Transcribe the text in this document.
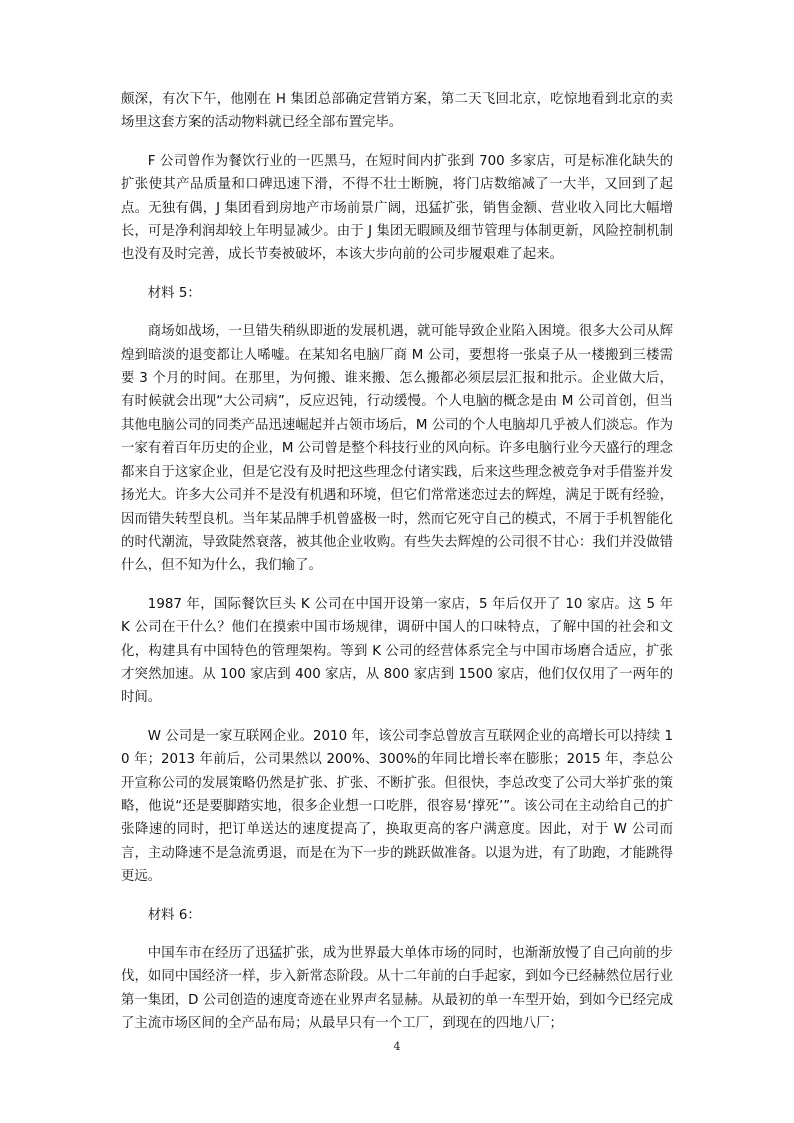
颇深，有次下午，他刚在 H 集团总部确定营销方案，第二天飞回北京，吃惊地看到北京的卖场里这套方案的活动物料就已经全部布置完毕。

F 公司曾作为餐饮行业的一匹黑马，在短时间内扩张到 700 多家店，可是标准化缺失的扩张使其产品质量和口碑迅速下滑，不得不壮士断腕，将门店数缩减了一大半，又回到了起点。无独有偶，J 集团看到房地产市场前景广阔，迅猛扩张，销售金额、营业收入同比大幅增长，可是净利润却较上年明显减少。由于 J 集团无暇顾及细节管理与体制更新，风险控制机制也没有及时完善，成长节奏被破坏，本该大步向前的公司步履艰难了起来。

材料 5：

商场如战场，一旦错失稍纵即逝的发展机遇，就可能导致企业陷入困境。很多大公司从辉煌到暗淡的退变都让人唏嘘。在某知名电脑厂商 M 公司，要想将一张桌子从一楼搬到三楼需要 3 个月的时间。在那里，为何搬、谁来搬、怎么搬都必须层层汇报和批示。企业做大后，有时候就会出现“大公司病”，反应迟钝，行动缓慢。个人电脑的概念是由 M 公司首创，但当其他电脑公司的同类产品迅速崛起并占领市场后，M 公司的个人电脑却几乎被人们淡忘。作为一家有着百年历史的企业，M 公司曾是整个科技行业的风向标。许多电脑行业今天盛行的理念都来自于这家企业，但是它没有及时把这些理念付诸实践，后来这些理念被竞争对手借鉴并发扬光大。许多大公司并不是没有机遇和环境，但它们常常迷恋过去的辉煌，满足于既有经验，因而错失转型良机。当年某品牌手机曾盛极一时，然而它死守自己的模式，不屑于手机智能化的时代潮流，导致陡然衰落，被其他企业收购。有些失去辉煌的公司很不甘心：我们并没做错什么，但不知为什么，我们输了。

1987 年，国际餐饮巨头 K 公司在中国开设第一家店，5 年后仅开了 10 家店。这 5 年 K 公司在干什么？他们在摸索中国市场规律，调研中国人的口味特点，了解中国的社会和文化，构建具有中国特色的管理架构。等到 K 公司的经营体系完全与中国市场磨合适应，扩张才突然加速。从 100 家店到 400 家店，从 800 家店到 1500 家店，他们仅仅用了一两年的时间。

W 公司是一家互联网企业。2010 年，该公司李总曾放言互联网企业的高增长可以持续 10 年；2013 年前后，公司果然以 200%、300%的年同比增长率在膨胀；2015 年，李总公开宣称公司的发展策略仍然是扩张、扩张、不断扩张。但很快，李总改变了公司大举扩张的策略，他说“还是要脚踏实地，很多企业想一口吃胖，很容易‘撑死’”。该公司在主动给自己的扩张降速的同时，把订单送达的速度提高了，换取更高的客户满意度。因此，对于 W 公司而言，主动降速不是急流勇退，而是在为下一步的跳跃做准备。以退为进，有了助跑，才能跳得更远。

材料 6：

中国车市在经历了迅猛扩张，成为世界最大单体市场的同时，也渐渐放慢了自己向前的步伐，如同中国经济一样，步入新常态阶段。从十二年前的白手起家，到如今已经赫然位居行业第一集团，D 公司创造的速度奇迹在业界声名显赫。从最初的单一车型开始，到如今已经完成了主流市场区间的全产品布局；从最早只有一个工厂，到现在的四地八厂；

4
